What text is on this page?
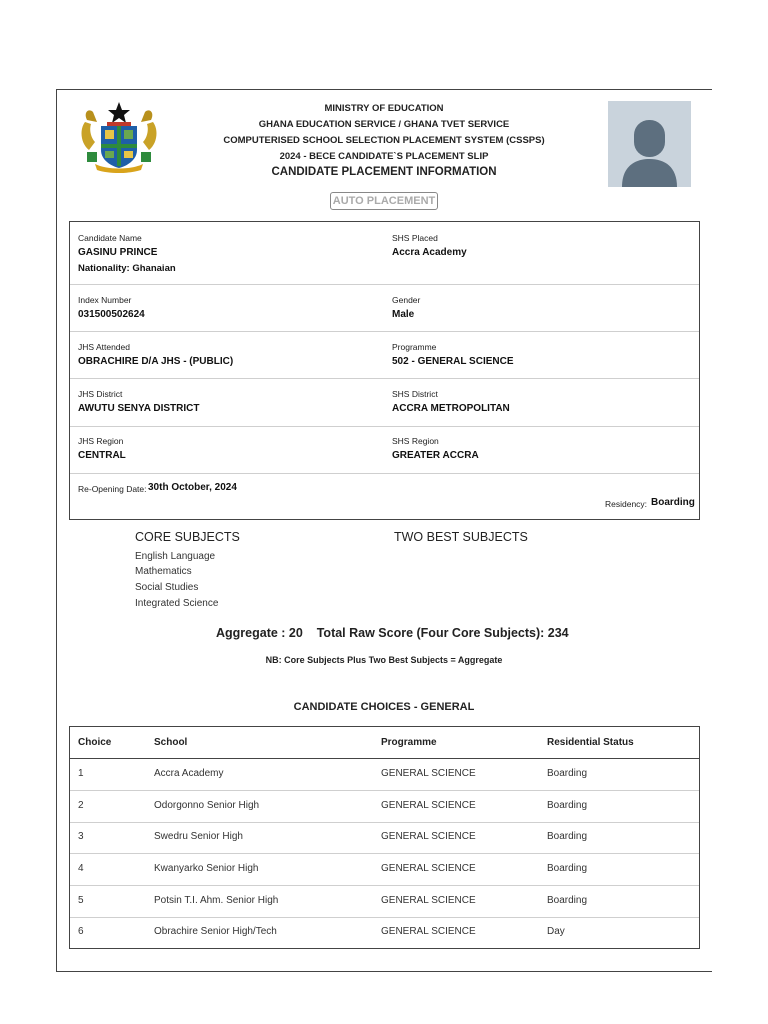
MINISTRY OF EDUCATION
GHANA EDUCATION SERVICE / GHANA TVET SERVICE
COMPUTERISED SCHOOL SELECTION PLACEMENT SYSTEM (CSSPS)
2024 - BECE CANDIDATE`S PLACEMENT SLIP
CANDIDATE PLACEMENT INFORMATION
AUTO PLACEMENT
Candidate Name
GASINU PRINCE
Nationality: Ghanaian
SHS Placed
Accra Academy
Index Number
031500502624
Gender
Male
JHS Attended
OBRACHIRE D/A JHS - (PUBLIC)
Programme
502 - GENERAL SCIENCE
JHS District
AWUTU SENYA DISTRICT
SHS District
ACCRA METROPOLITAN
JHS Region
CENTRAL
SHS Region
GREATER ACCRA
Re-Opening Date: 30th October, 2024
Residency: Boarding
CORE SUBJECTS	TWO BEST SUBJECTS
English Language
Mathematics
Social Studies
Integrated Science
Aggregate : 20    Total Raw Score (Four Core Subjects): 234
NB: Core Subjects Plus Two Best Subjects = Aggregate
CANDIDATE CHOICES - GENERAL
Choice	School	Programme	Residential Status
1	Accra Academy	GENERAL SCIENCE	Boarding
2	Odorgonno Senior High	GENERAL SCIENCE	Boarding
3	Swedru Senior High	GENERAL SCIENCE	Boarding
4	Kwanyarko Senior High	GENERAL SCIENCE	Boarding
5	Potsin T.I. Ahm. Senior High	GENERAL SCIENCE	Boarding
6	Obrachire Senior High/Tech	GENERAL SCIENCE	Day
